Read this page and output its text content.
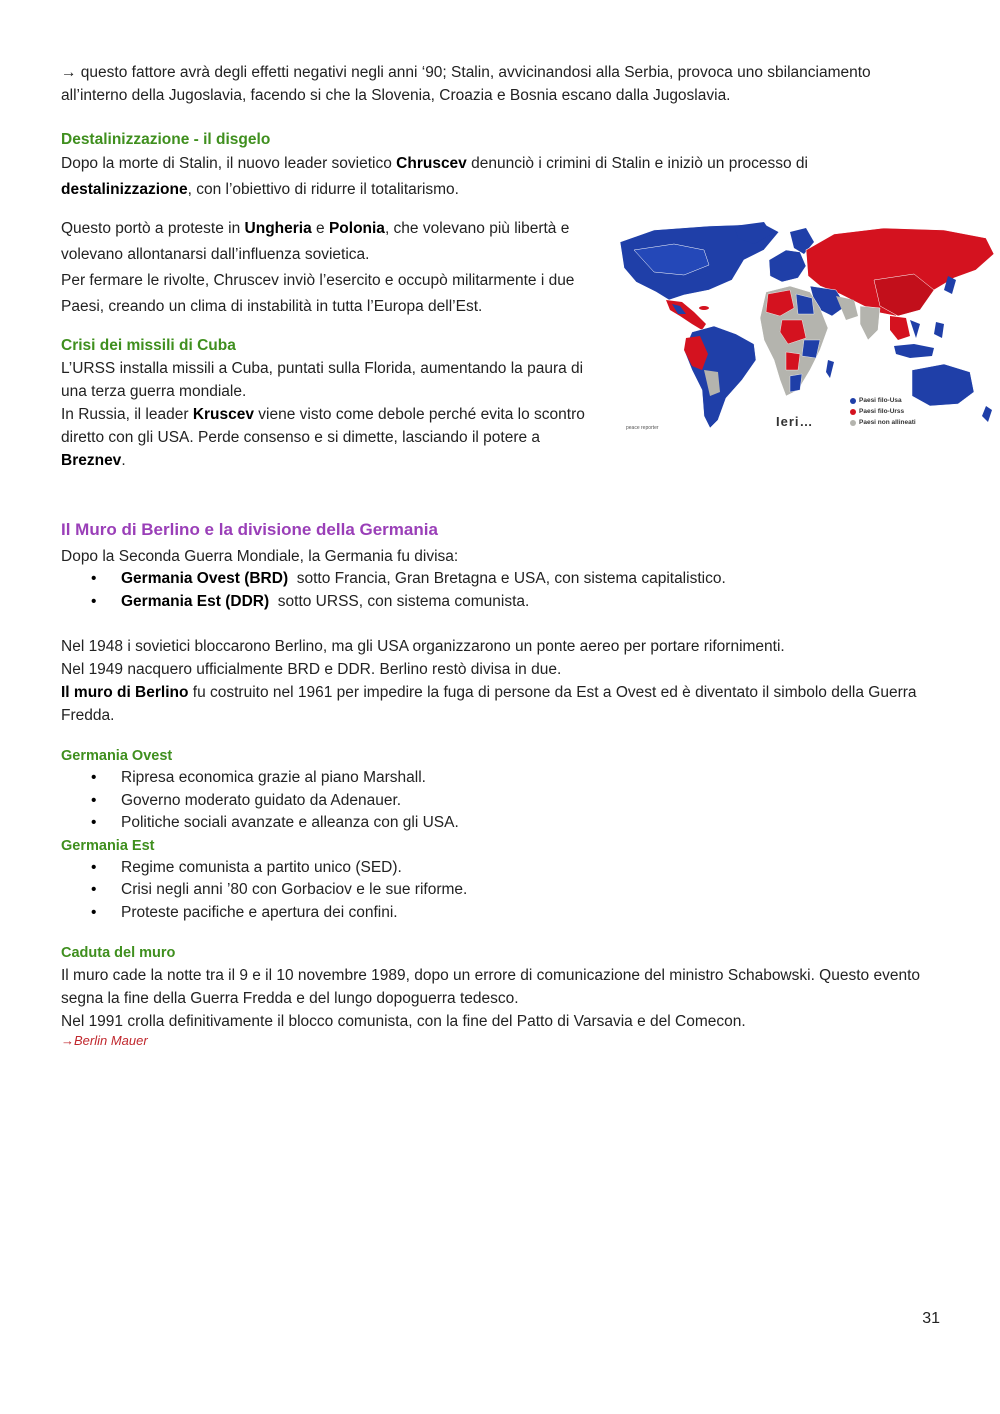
→ questo fattore avrà degli effetti negativi negli anni ‘90; Stalin, avvicinandosi alla Serbia, provoca uno sbilanciamento all’interno della Jugoslavia, facendo si che la Slovenia, Croazia e Bosnia escano dalla Jugoslavia.

Destalinizzazione - il disgelo

Dopo la morte di Stalin, il nuovo leader sovietico Chruscev denunciò i crimini di Stalin e iniziò un processo di destalinizzazione, con l’obiettivo di ridurre il totalitarismo.

Questo portò a proteste in Ungheria e Polonia, che volevano più libertà e volevano allontanarsi dall’influenza sovietica.

Per fermare le rivolte, Chruscev inviò l’esercito e occupò militarmente i due Paesi, creando un clima di instabilità in tutta l’Europa dell’Est.

Crisi dei missili di Cuba

L’URSS installa missili a Cuba, puntati sulla Florida, aumentando la paura di una terza guerra mondiale.

In Russia, il leader Kruscev viene visto come debole perché evita lo scontro diretto con gli USA. Perde consenso e si dimette, lasciando il potere a Breznev.

Il Muro di Berlino e la divisione della Germania

Dopo la Seconda Guerra Mondiale, la Germania fu divisa:

• Germania Ovest (BRD)  sotto Francia, Gran Bretagna e USA, con sistema capitalistico.
• Germania Est (DDR)  sotto URSS, con sistema comunista.

Nel 1948 i sovietici bloccarono Berlino, ma gli USA organizzarono un ponte aereo per portare rifornimenti.

Nel 1949 nacquero ufficialmente BRD e DDR. Berlino restò divisa in due.

Il muro di Berlino fu costruito nel 1961 per impedire la fuga di persone da Est a Ovest ed è diventato il simbolo della Guerra Fredda.

Germania Ovest
• Ripresa economica grazie al piano Marshall.
• Governo moderato guidato da Adenauer.
• Politiche sociali avanzate e alleanza con gli USA.
Germania Est
• Regime comunista a partito unico (SED).
• Crisi negli anni ’80 con Gorbaciov e le sue riforme.
• Proteste pacifiche e apertura dei confini.
Caduta del muro

Il muro cade la notte tra il 9 e il 10 novembre 1989, dopo un errore di comunicazione del ministro Schabowski. Questo evento segna la fine della Guerra Fredda e del lungo dopoguerra tedesco.

Nel 1991 crolla definitivamente il blocco comunista, con la fine del Patto di Varsavia e del Comecon.

→Berlin Mauer
peace reporter	Ieri…
Paesi filo-Usa
Paesi filo-Urss
Paesi non allineati
31
